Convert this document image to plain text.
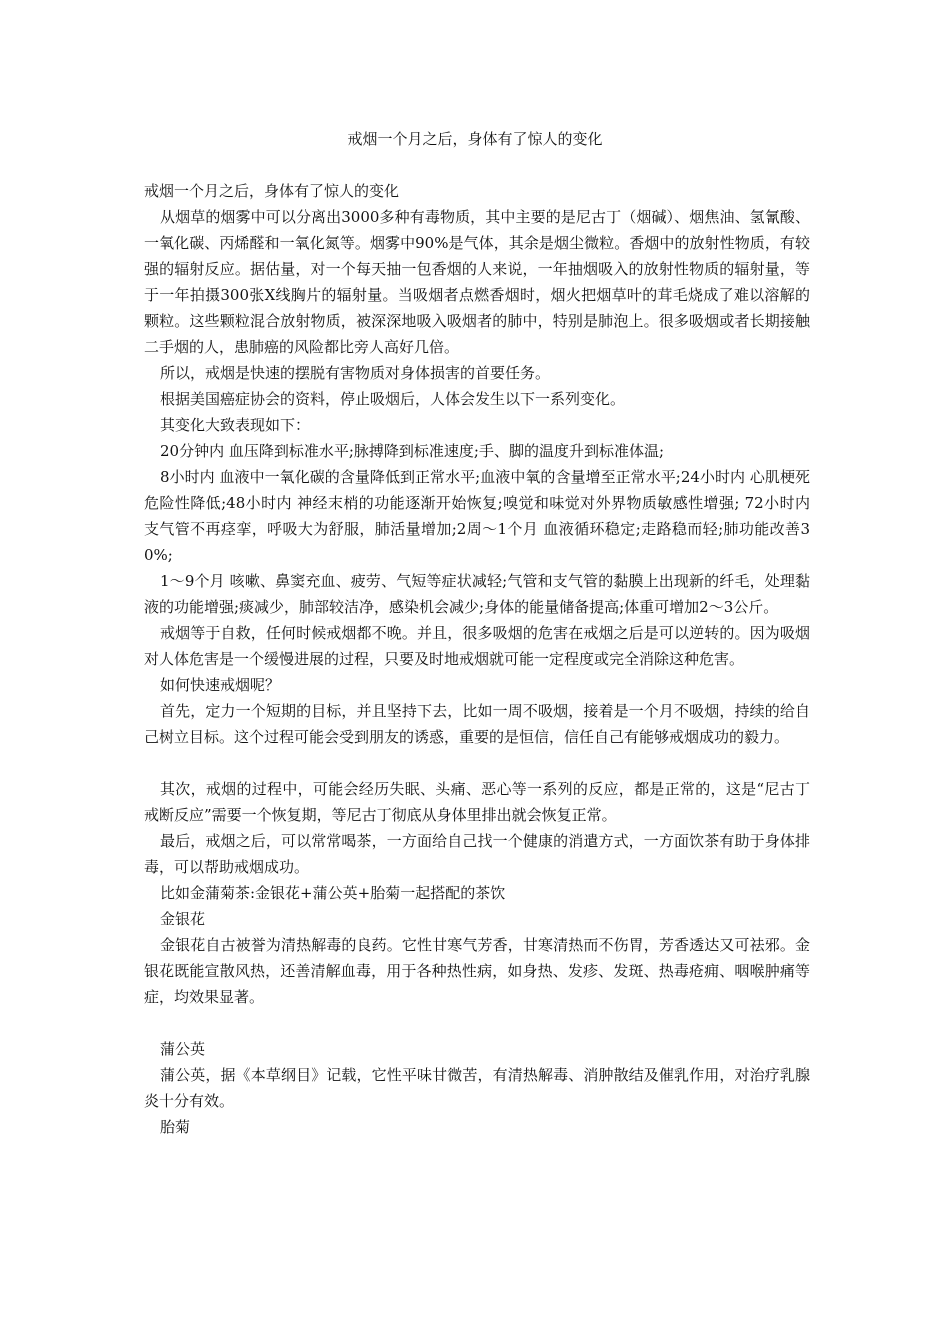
戒烟一个月之后，身体有了惊人的变化

戒烟一个月之后，身体有了惊人的变化

从烟草的烟雾中可以分离出3000多种有毒物质，其中主要的是尼古丁（烟碱）、烟焦油、氢氰酸、一氧化碳、丙烯醛和一氧化氮等。烟雾中90%是气体，其余是烟尘微粒。香烟中的放射性物质，有较强的辐射反应。据估量，对一个每天抽一包香烟的人来说，一年抽烟吸入的放射性物质的辐射量，等于一年拍摄300张X线胸片的辐射量。当吸烟者点燃香烟时，烟火把烟草叶的茸毛烧成了难以溶解的颗粒。这些颗粒混合放射物质，被深深地吸入吸烟者的肺中，特别是肺泡上。很多吸烟或者长期接触二手烟的人，患肺癌的风险都比旁人高好几倍。

所以，戒烟是快速的摆脱有害物质对身体损害的首要任务。

根据美国癌症协会的资料，停止吸烟后，人体会发生以下一系列变化。

其变化大致表现如下：

20分钟内 血压降到标准水平;脉搏降到标准速度;手、脚的温度升到标准体温;

8小时内 血液中一氧化碳的含量降低到正常水平;血液中氧的含量增至正常水平;24小时内 心肌梗死危险性降低;48小时内 神经末梢的功能逐渐开始恢复;嗅觉和味觉对外界物质敏感性增强; 72小时内 支气管不再痉挛，呼吸大为舒服，肺活量增加;2周～1个月 血液循环稳定;走路稳而轻;肺功能改善30%;

1～9个月 咳嗽、鼻窦充血、疲劳、气短等症状减轻;气管和支气管的黏膜上出现新的纤毛，处理黏液的功能增强;痰减少，肺部较洁净，感染机会减少;身体的能量储备提高;体重可增加2～3公斤。

戒烟等于自救，任何时候戒烟都不晚。并且，很多吸烟的危害在戒烟之后是可以逆转的。因为吸烟对人体危害是一个缓慢进展的过程，只要及时地戒烟就可能一定程度或完全消除这种危害。

如何快速戒烟呢？

首先，定力一个短期的目标，并且坚持下去，比如一周不吸烟，接着是一个月不吸烟，持续的给自己树立目标。这个过程可能会受到朋友的诱惑，重要的是恒信，信任自己有能够戒烟成功的毅力。

其次，戒烟的过程中，可能会经历失眠、头痛、恶心等一系列的反应，都是正常的，这是“尼古丁戒断反应”需要一个恢复期，等尼古丁彻底从身体里排出就会恢复正常。

最后，戒烟之后，可以常常喝茶，一方面给自己找一个健康的消遣方式，一方面饮茶有助于身体排毒，可以帮助戒烟成功。

比如金蒲菊茶:金银花+蒲公英+胎菊一起搭配的茶饮

金银花

金银花自古被誉为清热解毒的良药。它性甘寒气芳香，甘寒清热而不伤胃，芳香透达又可祛邪。金银花既能宣散风热，还善清解血毒，用于各种热性病，如身热、发疹、发斑、热毒疮痈、咽喉肿痛等症，均效果显著。

蒲公英

蒲公英，据《本草纲目》记载，它性平味甘微苦，有清热解毒、消肿散结及催乳作用，对治疗乳腺炎十分有效。

胎菊
